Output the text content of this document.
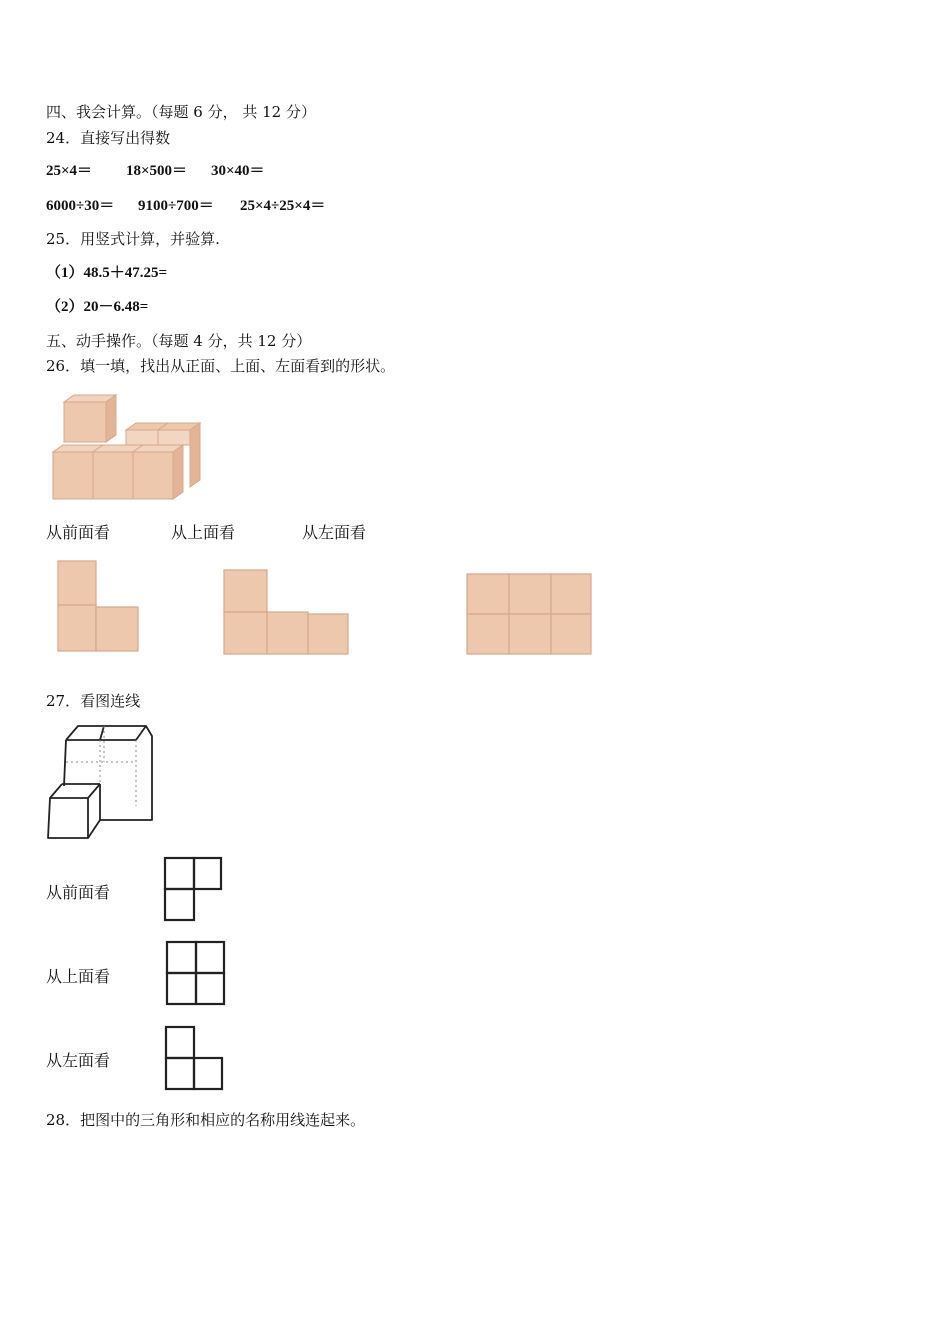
四、我会计算。（每题 6 分， 共 12 分）
24．直接写出得数
25×4＝ 18×500＝ 30×40＝
6000÷30＝ 9100÷700＝ 25×4÷25×4＝
25．用竖式计算，并验算.
（1）48.5＋47.25=
（2）20－6.48=
五、动手操作。（每题 4 分，共 12 分）
26．填一填，找出从正面、上面、左面看到的形状。
从前面看	从上面看	从左面看
27．看图连线
从前面看
从上面看
从左面看
28．把图中的三角形和相应的名称用线连起来。
